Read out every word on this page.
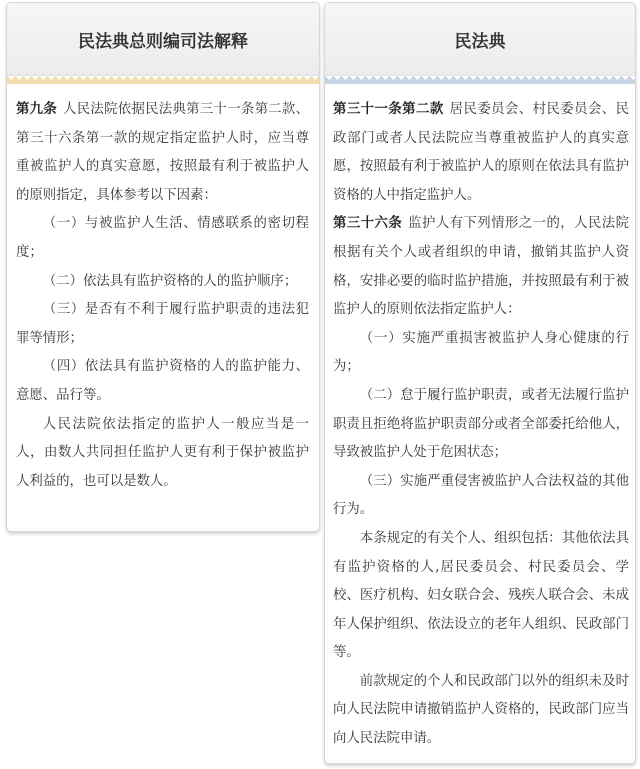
民法典总则编司法解释

第九条 人民法院依据民法典第三十一条第二款、第三十六条第一款的规定指定监护人时，应当尊重被监护人的真实意愿，按照最有利于被监护人的原则指定，具体参考以下因素：

（一）与被监护人生活、情感联系的密切程度；

（二）依法具有监护资格的人的监护顺序；

（三）是否有不利于履行监护职责的违法犯罪等情形；

（四）依法具有监护资格的人的监护能力、意愿、品行等。

人民法院依法指定的监护人一般应当是一人，由数人共同担任监护人更有利于保护被监护人利益的，也可以是数人。

民法典

第三十一条第二款 居民委员会、村民委员会、民政部门或者人民法院应当尊重被监护人的真实意愿，按照最有利于被监护人的原则在依法具有监护资格的人中指定监护人。

第三十六条 监护人有下列情形之一的，人民法院根据有关个人或者组织的申请，撤销其监护人资格，安排必要的临时监护措施，并按照最有利于被监护人的原则依法指定监护人：

（一）实施严重损害被监护人身心健康的行为；

（二）怠于履行监护职责，或者无法履行监护职责且拒绝将监护职责部分或者全部委托给他人，导致被监护人处于危困状态；

（三）实施严重侵害被监护人合法权益的其他行为。

本条规定的有关个人、组织包括：其他依法具有监护资格的人,居民委员会、村民委员会、学校、医疗机构、妇女联合会、残疾人联合会、未成年人保护组织、依法设立的老年人组织、民政部门等。

前款规定的个人和民政部门以外的组织未及时向人民法院申请撤销监护人资格的，民政部门应当向人民法院申请。
